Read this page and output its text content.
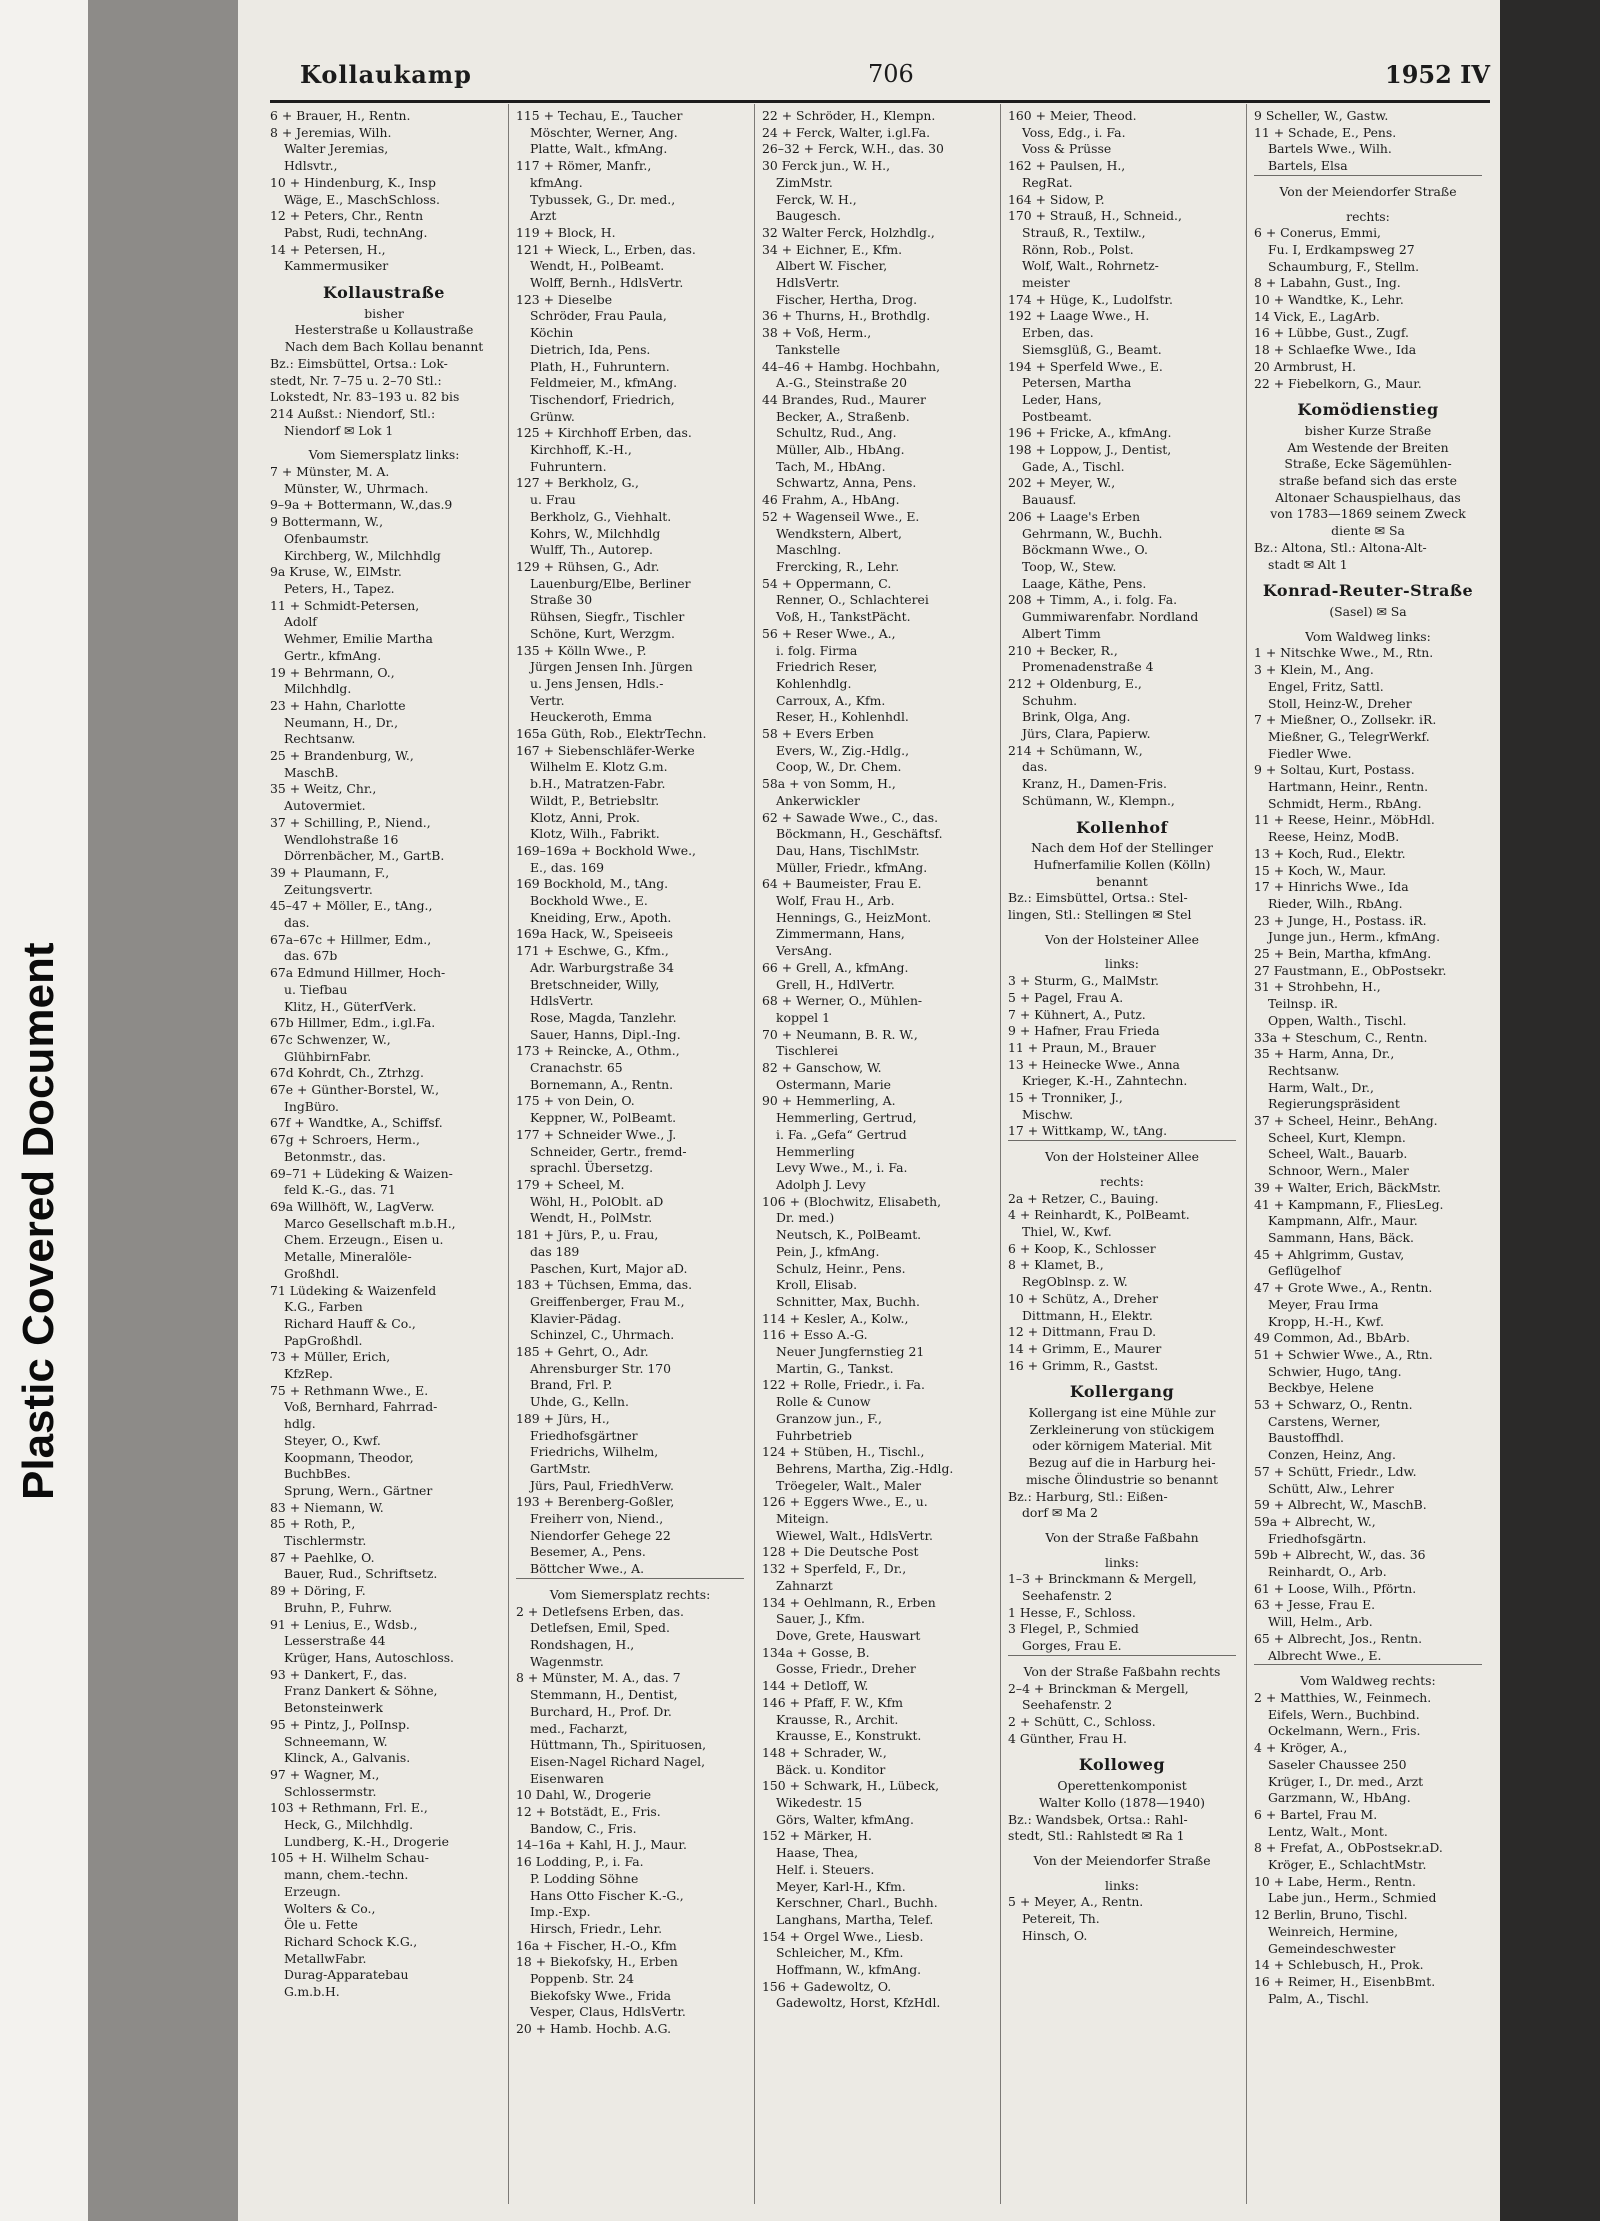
Plastic Covered Document
Kollaukamp	706	1952 IV

6 + Brauer, H., Rentn.

8 + Jeremias, Wilh.

Walter Jeremias,

Hdlsvtr.,

10 + Hindenburg, K., Insp

Wäge, E., MaschSchloss.

12 + Peters, Chr., Rentn

Pabst, Rudi, technAng.

14 + Petersen, H.,

Kammermusiker

Kollaustraße

bisher

Hesterstraße u Kollaustraße

Nach dem Bach Kollau benannt

Bz.: Eimsbüttel, Ortsa.: Lok-

stedt, Nr. 7–75 u. 2–70 Stl.:

Lokstedt, Nr. 83–193 u. 82 bis

214 Außst.: Niendorf, Stl.:

Niendorf ✉ Lok 1

Vom Siemersplatz links:

7 + Münster, M. A.

Münster, W., Uhrmach.

9–9a + Bottermann, W.,das.9

9 Bottermann, W.,

Ofenbaumstr.

Kirchberg, W., Milchhdlg

9a Kruse, W., ElMstr.

Peters, H., Tapez.

11 + Schmidt-Petersen,

Adolf

Wehmer, Emilie Martha

Gertr., kfmAng.

19 + Behrmann, O.,

Milchhdlg.

23 + Hahn, Charlotte

Neumann, H., Dr.,

Rechtsanw.

25 + Brandenburg, W.,

MaschB.

35 + Weitz, Chr.,

Autovermiet.

37 + Schilling, P., Niend.,

Wendlohstraße 16

Dörrenbächer, M., GartB.

39 + Plaumann, F.,

Zeitungsvertr.

45–47 + Möller, E., tAng.,

das.

67a–67c + Hillmer, Edm.,

das. 67b

67a Edmund Hillmer, Hoch-

u. Tiefbau

Klitz, H., GüterfVerk.

67b Hillmer, Edm., i.gl.Fa.

67c Schwenzer, W.,

GlühbirnFabr.

67d Kohrdt, Ch., Ztrhzg.

67e + Günther-Borstel, W.,

IngBüro.

67f + Wandtke, A., Schiffsf.

67g + Schroers, Herm.,

Betonmstr., das.

69–71 + Lüdeking & Waizen-

feld K.-G., das. 71

69a Willhöft, W., LagVerw.

Marco Gesellschaft m.b.H.,

Chem. Erzeugn., Eisen u.

Metalle, Mineralöle-

Großhdl.

71 Lüdeking & Waizenfeld

K.G., Farben

Richard Hauff & Co.,

PapGroßhdl.

73 + Müller, Erich,

KfzRep.

75 + Rethmann Wwe., E.

Voß, Bernhard, Fahrrad-

hdlg.

Steyer, O., Kwf.

Koopmann, Theodor,

BuchbBes.

Sprung, Wern., Gärtner

83 + Niemann, W.

85 + Roth, P.,

Tischlermstr.

87 + Paehlke, O.

Bauer, Rud., Schriftsetz.

89 + Döring, F.

Bruhn, P., Fuhrw.

91 + Lenius, E., Wdsb.,

Lesserstraße 44

Krüger, Hans, Autoschloss.

93 + Dankert, F., das.

Franz Dankert & Söhne,

Betonsteinwerk

95 + Pintz, J., PolInsp.

Schneemann, W.

Klinck, A., Galvanis.

97 + Wagner, M.,

Schlossermstr.

103 + Rethmann, Frl. E.,

Heck, G., Milchhdlg.

Lundberg, K.-H., Drogerie

105 + H. Wilhelm Schau-

mann, chem.-techn.

Erzeugn.

Wolters & Co.,

Öle u. Fette

Richard Schock K.G.,

MetallwFabr.

Durag-Apparatebau

G.m.b.H.

115 + Techau, E., Taucher

Möschter, Werner, Ang.

Platte, Walt., kfmAng.

117 + Römer, Manfr.,

kfmAng.

Tybussek, G., Dr. med.,

Arzt

119 + Block, H.

121 + Wieck, L., Erben, das.

Wendt, H., PolBeamt.

Wolff, Bernh., HdlsVertr.

123 + Dieselbe

Schröder, Frau Paula,

Köchin

Dietrich, Ida, Pens.

Plath, H., Fuhruntern.

Feldmeier, M., kfmAng.

Tischendorf, Friedrich,

Grünw.

125 + Kirchhoff Erben, das.

Kirchhoff, K.-H.,

Fuhruntern.

127 + Berkholz, G.,

u. Frau

Berkholz, G., Viehhalt.

Kohrs, W., Milchhdlg

Wulff, Th., Autorep.

129 + Rühsen, G., Adr.

Lauenburg/Elbe, Berliner

Straße 30

Rühsen, Siegfr., Tischler

Schöne, Kurt, Werzgm.

135 + Kölln Wwe., P.

Jürgen Jensen Inh. Jürgen

u. Jens Jensen, Hdls.-

Vertr.

Heuckeroth, Emma

165a Güth, Rob., ElektrTechn.

167 + Siebenschläfer-Werke

Wilhelm E. Klotz G.m.

b.H., Matratzen-Fabr.

Wildt, P., Betriebsltr.

Klotz, Anni, Prok.

Klotz, Wilh., Fabrikt.

169–169a + Bockhold Wwe.,

E., das. 169

169 Bockhold, M., tAng.

Bockhold Wwe., E.

Kneiding, Erw., Apoth.

169a Hack, W., Speiseeis

171 + Eschwe, G., Kfm.,

Adr. Warburgstraße 34

Bretschneider, Willy,

HdlsVertr.

Rose, Magda, Tanzlehr.

Sauer, Hanns, Dipl.-Ing.

173 + Reincke, A., Othm.,

Cranachstr. 65

Bornemann, A., Rentn.

175 + von Dein, O.

Keppner, W., PolBeamt.

177 + Schneider Wwe., J.

Schneider, Gertr., fremd-

sprachl. Übersetzg.

179 + Scheel, M.

Wöhl, H., PolOblt. aD

Wendt, H., PolMstr.

181 + Jürs, P., u. Frau,

das 189

Paschen, Kurt, Major aD.

183 + Tüchsen, Emma, das.

Greiffenberger, Frau M.,

Klavier-Pädag.

Schinzel, C., Uhrmach.

185 + Gehrt, O., Adr.

Ahrensburger Str. 170

Brand, Frl. P.

Uhde, G., Kelln.

189 + Jürs, H.,

Friedhofsgärtner

Friedrichs, Wilhelm,

GartMstr.

Jürs, Paul, FriedhVerw.

193 + Berenberg-Goßler,

Freiherr von, Niend.,

Niendorfer Gehege 22

Besemer, A., Pens.

Böttcher Wwe., A.

Vom Siemersplatz rechts:

2 + Detlefsens Erben, das.

Detlefsen, Emil, Sped.

Rondshagen, H.,

Wagenmstr.

8 + Münster, M. A., das. 7

Stemmann, H., Dentist,

Burchard, H., Prof. Dr.

med., Facharzt,

Hüttmann, Th., Spirituosen,

Eisen-Nagel Richard Nagel,

Eisenwaren

10 Dahl, W., Drogerie

12 + Botstädt, E., Fris.

Bandow, C., Fris.

14–16a + Kahl, H. J., Maur.

16 Lodding, P., i. Fa.

P. Lodding Söhne

Hans Otto Fischer K.-G.,

Imp.-Exp.

Hirsch, Friedr., Lehr.

16a + Fischer, H.-O., Kfm

18 + Biekofsky, H., Erben

Poppenb. Str. 24

Biekofsky Wwe., Frida

Vesper, Claus, HdlsVertr.

20 + Hamb. Hochb. A.G.

22 + Schröder, H., Klempn.

24 + Ferck, Walter, i.gl.Fa.

26–32 + Ferck, W.H., das. 30

30 Ferck jun., W. H.,

ZimMstr.

Ferck, W. H.,

Baugesch.

32 Walter Ferck, Holzhdlg.,

34 + Eichner, E., Kfm.

Albert W. Fischer,

HdlsVertr.

Fischer, Hertha, Drog.

36 + Thurns, H., Brothdlg.

38 + Voß, Herm.,

Tankstelle

44–46 + Hambg. Hochbahn,

A.-G., Steinstraße 20

44 Brandes, Rud., Maurer

Becker, A., Straßenb.

Schultz, Rud., Ang.

Müller, Alb., HbAng.

Tach, M., HbAng.

Schwartz, Anna, Pens.

46 Frahm, A., HbAng.

52 + Wagenseil Wwe., E.

Wendkstern, Albert,

Maschlng.

Frercking, R., Lehr.

54 + Oppermann, C.

Renner, O., Schlachterei

Voß, H., TankstPächt.

56 + Reser Wwe., A.,

i. folg. Firma

Friedrich Reser,

Kohlenhdlg.

Carroux, A., Kfm.

Reser, H., Kohlenhdl.

58 + Evers Erben

Evers, W., Zig.-Hdlg.,

Coop, W., Dr. Chem.

58a + von Somm, H.,

Ankerwickler

62 + Sawade Wwe., C., das.

Böckmann, H., Geschäftsf.

Dau, Hans, TischlMstr.

Müller, Friedr., kfmAng.

64 + Baumeister, Frau E.

Wolf, Frau H., Arb.

Hennings, G., HeizMont.

Zimmermann, Hans,

VersAng.

66 + Grell, A., kfmAng.

Grell, H., HdlVertr.

68 + Werner, O., Mühlen-

koppel 1

70 + Neumann, B. R. W.,

Tischlerei

82 + Ganschow, W.

Ostermann, Marie

90 + Hemmerling, A.

Hemmerling, Gertrud,

i. Fa. „Gefa“ Gertrud

Hemmerling

Levy Wwe., M., i. Fa.

Adolph J. Levy

106 + (Blochwitz, Elisabeth,

Dr. med.)

Neutsch, K., PolBeamt.

Pein, J., kfmAng.

Schulz, Heinr., Pens.

Kroll, Elisab.

Schnitter, Max, Buchh.

114 + Kesler, A., Kolw.,

116 + Esso A.-G.

Neuer Jungfernstieg 21

Martin, G., Tankst.

122 + Rolle, Friedr., i. Fa.

Rolle & Cunow

Granzow jun., F.,

Fuhrbetrieb

124 + Stüben, H., Tischl.,

Behrens, Martha, Zig.-Hdlg.

Tröegeler, Walt., Maler

126 + Eggers Wwe., E., u.

Miteign.

Wiewel, Walt., HdlsVertr.

128 + Die Deutsche Post

132 + Sperfeld, F., Dr.,

Zahnarzt

134 + Oehlmann, R., Erben

Sauer, J., Kfm.

Dove, Grete, Hauswart

134a + Gosse, B.

Gosse, Friedr., Dreher

144 + Detloff, W.

146 + Pfaff, F. W., Kfm

Krausse, R., Archit.

Krausse, E., Konstrukt.

148 + Schrader, W.,

Bäck. u. Konditor

150 + Schwark, H., Lübeck,

Wikedestr. 15

Görs, Walter, kfmAng.

152 + Märker, H.

Haase, Thea,

Helf. i. Steuers.

Meyer, Karl-H., Kfm.

Kerschner, Charl., Buchh.

Langhans, Martha, Telef.

154 + Orgel Wwe., Liesb.

Schleicher, M., Kfm.

Hoffmann, W., kfmAng.

156 + Gadewoltz, O.

Gadewoltz, Horst, KfzHdl.

160 + Meier, Theod.

Voss, Edg., i. Fa.

Voss & Prüsse

162 + Paulsen, H.,

RegRat.

164 + Sidow, P.

170 + Strauß, H., Schneid.,

Strauß, R., Textilw.,

Rönn, Rob., Polst.

Wolf, Walt., Rohrnetz-

meister

174 + Hüge, K., Ludolfstr.

192 + Laage Wwe., H.

Erben, das.

Siemsglüß, G., Beamt.

194 + Sperfeld Wwe., E.

Petersen, Martha

Leder, Hans,

Postbeamt.

196 + Fricke, A., kfmAng.

198 + Loppow, J., Dentist,

Gade, A., Tischl.

202 + Meyer, W.,

Bauausf.

206 + Laage's Erben

Gehrmann, W., Buchh.

Böckmann Wwe., O.

Toop, W., Stew.

Laage, Käthe, Pens.

208 + Timm, A., i. folg. Fa.

Gummiwarenfabr. Nordland

Albert Timm

210 + Becker, R.,

Promenadenstraße 4

212 + Oldenburg, E.,

Schuhm.

Brink, Olga, Ang.

Jürs, Clara, Papierw.

214 + Schümann, W.,

das.

Kranz, H., Damen-Fris.

Schümann, W., Klempn.,

Kollenhof

Nach dem Hof der Stellinger

Hufnerfamilie Kollen (Kölln)

benannt

Bz.: Eimsbüttel, Ortsa.: Stel-

lingen, Stl.: Stellingen ✉ Stel

Von der Holsteiner Allee

links:

3 + Sturm, G., MalMstr.

5 + Pagel, Frau A.

7 + Kühnert, A., Putz.

9 + Hafner, Frau Frieda

11 + Praun, M., Brauer

13 + Heinecke Wwe., Anna

Krieger, K.-H., Zahntechn.

15 + Tronniker, J.,

Mischw.

17 + Wittkamp, W., tAng.

Von der Holsteiner Allee

rechts:

2a + Retzer, C., Bauing.

4 + Reinhardt, K., PolBeamt.

Thiel, W., Kwf.

6 + Koop, K., Schlosser

8 + Klamet, B.,

RegOblnsp. z. W.

10 + Schütz, A., Dreher

Dittmann, H., Elektr.

12 + Dittmann, Frau D.

14 + Grimm, E., Maurer

16 + Grimm, R., Gastst.

Kollergang

Kollergang ist eine Mühle zur

Zerkleinerung von stückigem

oder körnigem Material. Mit

Bezug auf die in Harburg hei-

mische Ölindustrie so benannt

Bz.: Harburg, Stl.: Eißen-

dorf ✉ Ma 2

Von der Straße Faßbahn

links:

1–3 + Brinckmann & Mergell,

Seehafenstr. 2

1 Hesse, F., Schloss.

3 Flegel, P., Schmied

Gorges, Frau E.

Von der Straße Faßbahn rechts

2–4 + Brinckman & Mergell,

Seehafenstr. 2

2 + Schütt, C., Schloss.

4 Günther, Frau H.

Kolloweg

Operettenkomponist

Walter Kollo (1878—1940)

Bz.: Wandsbek, Ortsa.: Rahl-

stedt, Stl.: Rahlstedt ✉ Ra 1

Von der Meiendorfer Straße

links:

5 + Meyer, A., Rentn.

Petereit, Th.

Hinsch, O.

9 Scheller, W., Gastw.

11 + Schade, E., Pens.

Bartels Wwe., Wilh.

Bartels, Elsa

Von der Meiendorfer Straße

rechts:

6 + Conerus, Emmi,

Fu. I, Erdkampsweg 27

Schaumburg, F., Stellm.

8 + Labahn, Gust., Ing.

10 + Wandtke, K., Lehr.

14 Vick, E., LagArb.

16 + Lübbe, Gust., Zugf.

18 + Schlaefke Wwe., Ida

20 Armbrust, H.

22 + Fiebelkorn, G., Maur.

Komödienstieg

bisher Kurze Straße

Am Westende der Breiten

Straße, Ecke Sägemühlen-

straße befand sich das erste

Altonaer Schauspielhaus, das

von 1783—1869 seinem Zweck

diente ✉ Sa

Bz.: Altona, Stl.: Altona-Alt-

stadt ✉ Alt 1

Konrad-Reuter-Straße

(Sasel) ✉ Sa

Vom Waldweg links:

1 + Nitschke Wwe., M., Rtn.

3 + Klein, M., Ang.

Engel, Fritz, Sattl.

Stoll, Heinz-W., Dreher

7 + Mießner, O., Zollsekr. iR.

Mießner, G., TelegrWerkf.

Fiedler Wwe.

9 + Soltau, Kurt, Postass.

Hartmann, Heinr., Rentn.

Schmidt, Herm., RbAng.

11 + Reese, Heinr., MöbHdl.

Reese, Heinz, ModB.

13 + Koch, Rud., Elektr.

15 + Koch, W., Maur.

17 + Hinrichs Wwe., Ida

Rieder, Wilh., RbAng.

23 + Junge, H., Postass. iR.

Junge jun., Herm., kfmAng.

25 + Bein, Martha, kfmAng.

27 Faustmann, E., ObPostsekr.

31 + Strohbehn, H.,

Teilnsp. iR.

Oppen, Walth., Tischl.

33a + Steschum, C., Rentn.

35 + Harm, Anna, Dr.,

Rechtsanw.

Harm, Walt., Dr.,

Regierungspräsident

37 + Scheel, Heinr., BehAng.

Scheel, Kurt, Klempn.

Scheel, Walt., Bauarb.

Schnoor, Wern., Maler

39 + Walter, Erich, BäckMstr.

41 + Kampmann, F., FliesLeg.

Kampmann, Alfr., Maur.

Sammann, Hans, Bäck.

45 + Ahlgrimm, Gustav,

Geflügelhof

47 + Grote Wwe., A., Rentn.

Meyer, Frau Irma

Kropp, H.-H., Kwf.

49 Common, Ad., BbArb.

51 + Schwier Wwe., A., Rtn.

Schwier, Hugo, tAng.

Beckbye, Helene

53 + Schwarz, O., Rentn.

Carstens, Werner,

Baustoffhdl.

Conzen, Heinz, Ang.

57 + Schütt, Friedr., Ldw.

Schütt, Alw., Lehrer

59 + Albrecht, W., MaschB.

59a + Albrecht, W.,

Friedhofsgärtn.

59b + Albrecht, W., das. 36

Reinhardt, O., Arb.

61 + Loose, Wilh., Pförtn.

63 + Jesse, Frau E.

Will, Helm., Arb.

65 + Albrecht, Jos., Rentn.

Albrecht Wwe., E.

Vom Waldweg rechts:

2 + Matthies, W., Feinmech.

Eifels, Wern., Buchbind.

Ockelmann, Wern., Fris.

4 + Kröger, A.,

Saseler Chaussee 250

Krüger, I., Dr. med., Arzt

Garzmann, W., HbAng.

6 + Bartel, Frau M.

Lentz, Walt., Mont.

8 + Frefat, A., ObPostsekr.aD.

Kröger, E., SchlachtMstr.

10 + Labe, Herm., Rentn.

Labe jun., Herm., Schmied

12 Berlin, Bruno, Tischl.

Weinreich, Hermine,

Gemeindeschwester

14 + Schlebusch, H., Prok.

16 + Reimer, H., EisenbBmt.

Palm, A., Tischl.
